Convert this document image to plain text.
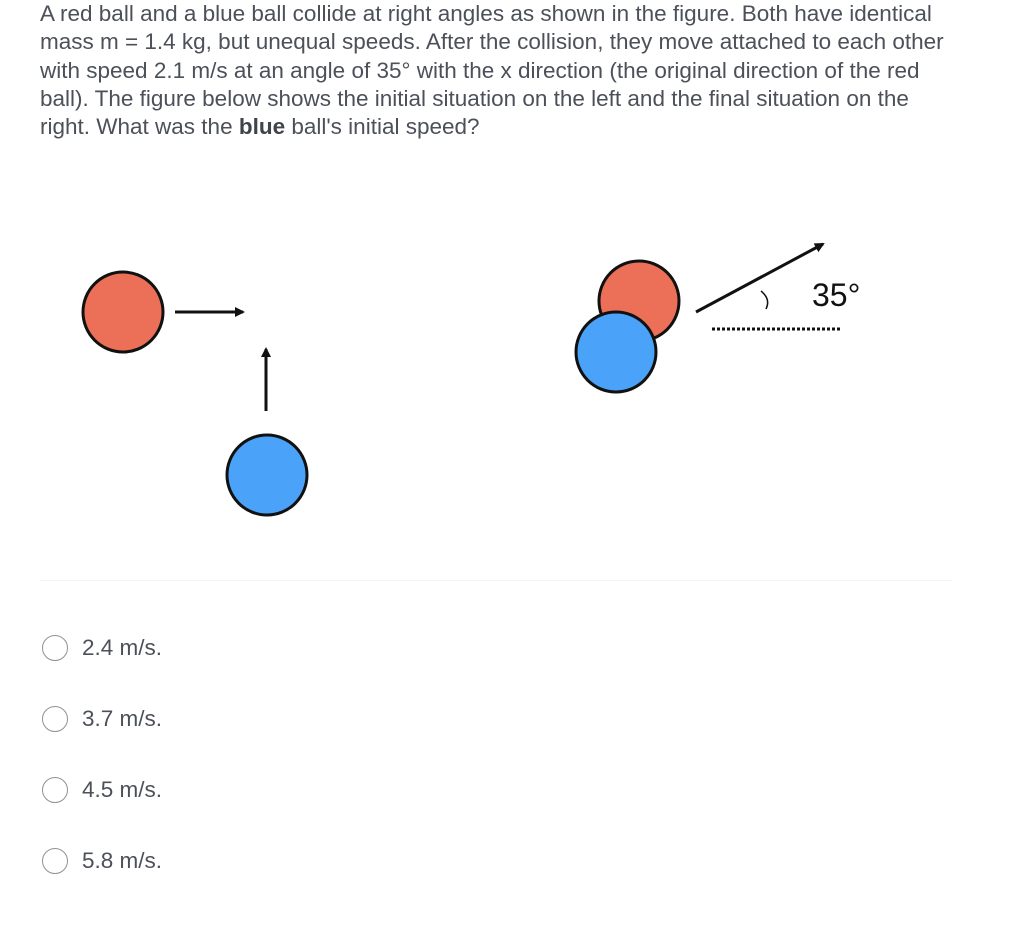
A red ball and a blue ball collide at right angles as shown in the figure. Both have identical mass m = 1.4 kg, but unequal speeds. After the collision, they move attached to each other with speed 2.1 m/s at an angle of 35° with the x direction (the original direction of the red ball). The figure below shows the initial situation on the left and the final situation on the right. What was the blue ball's initial speed?
35°
2.4 m/s.
3.7 m/s.
4.5 m/s.
5.8 m/s.
